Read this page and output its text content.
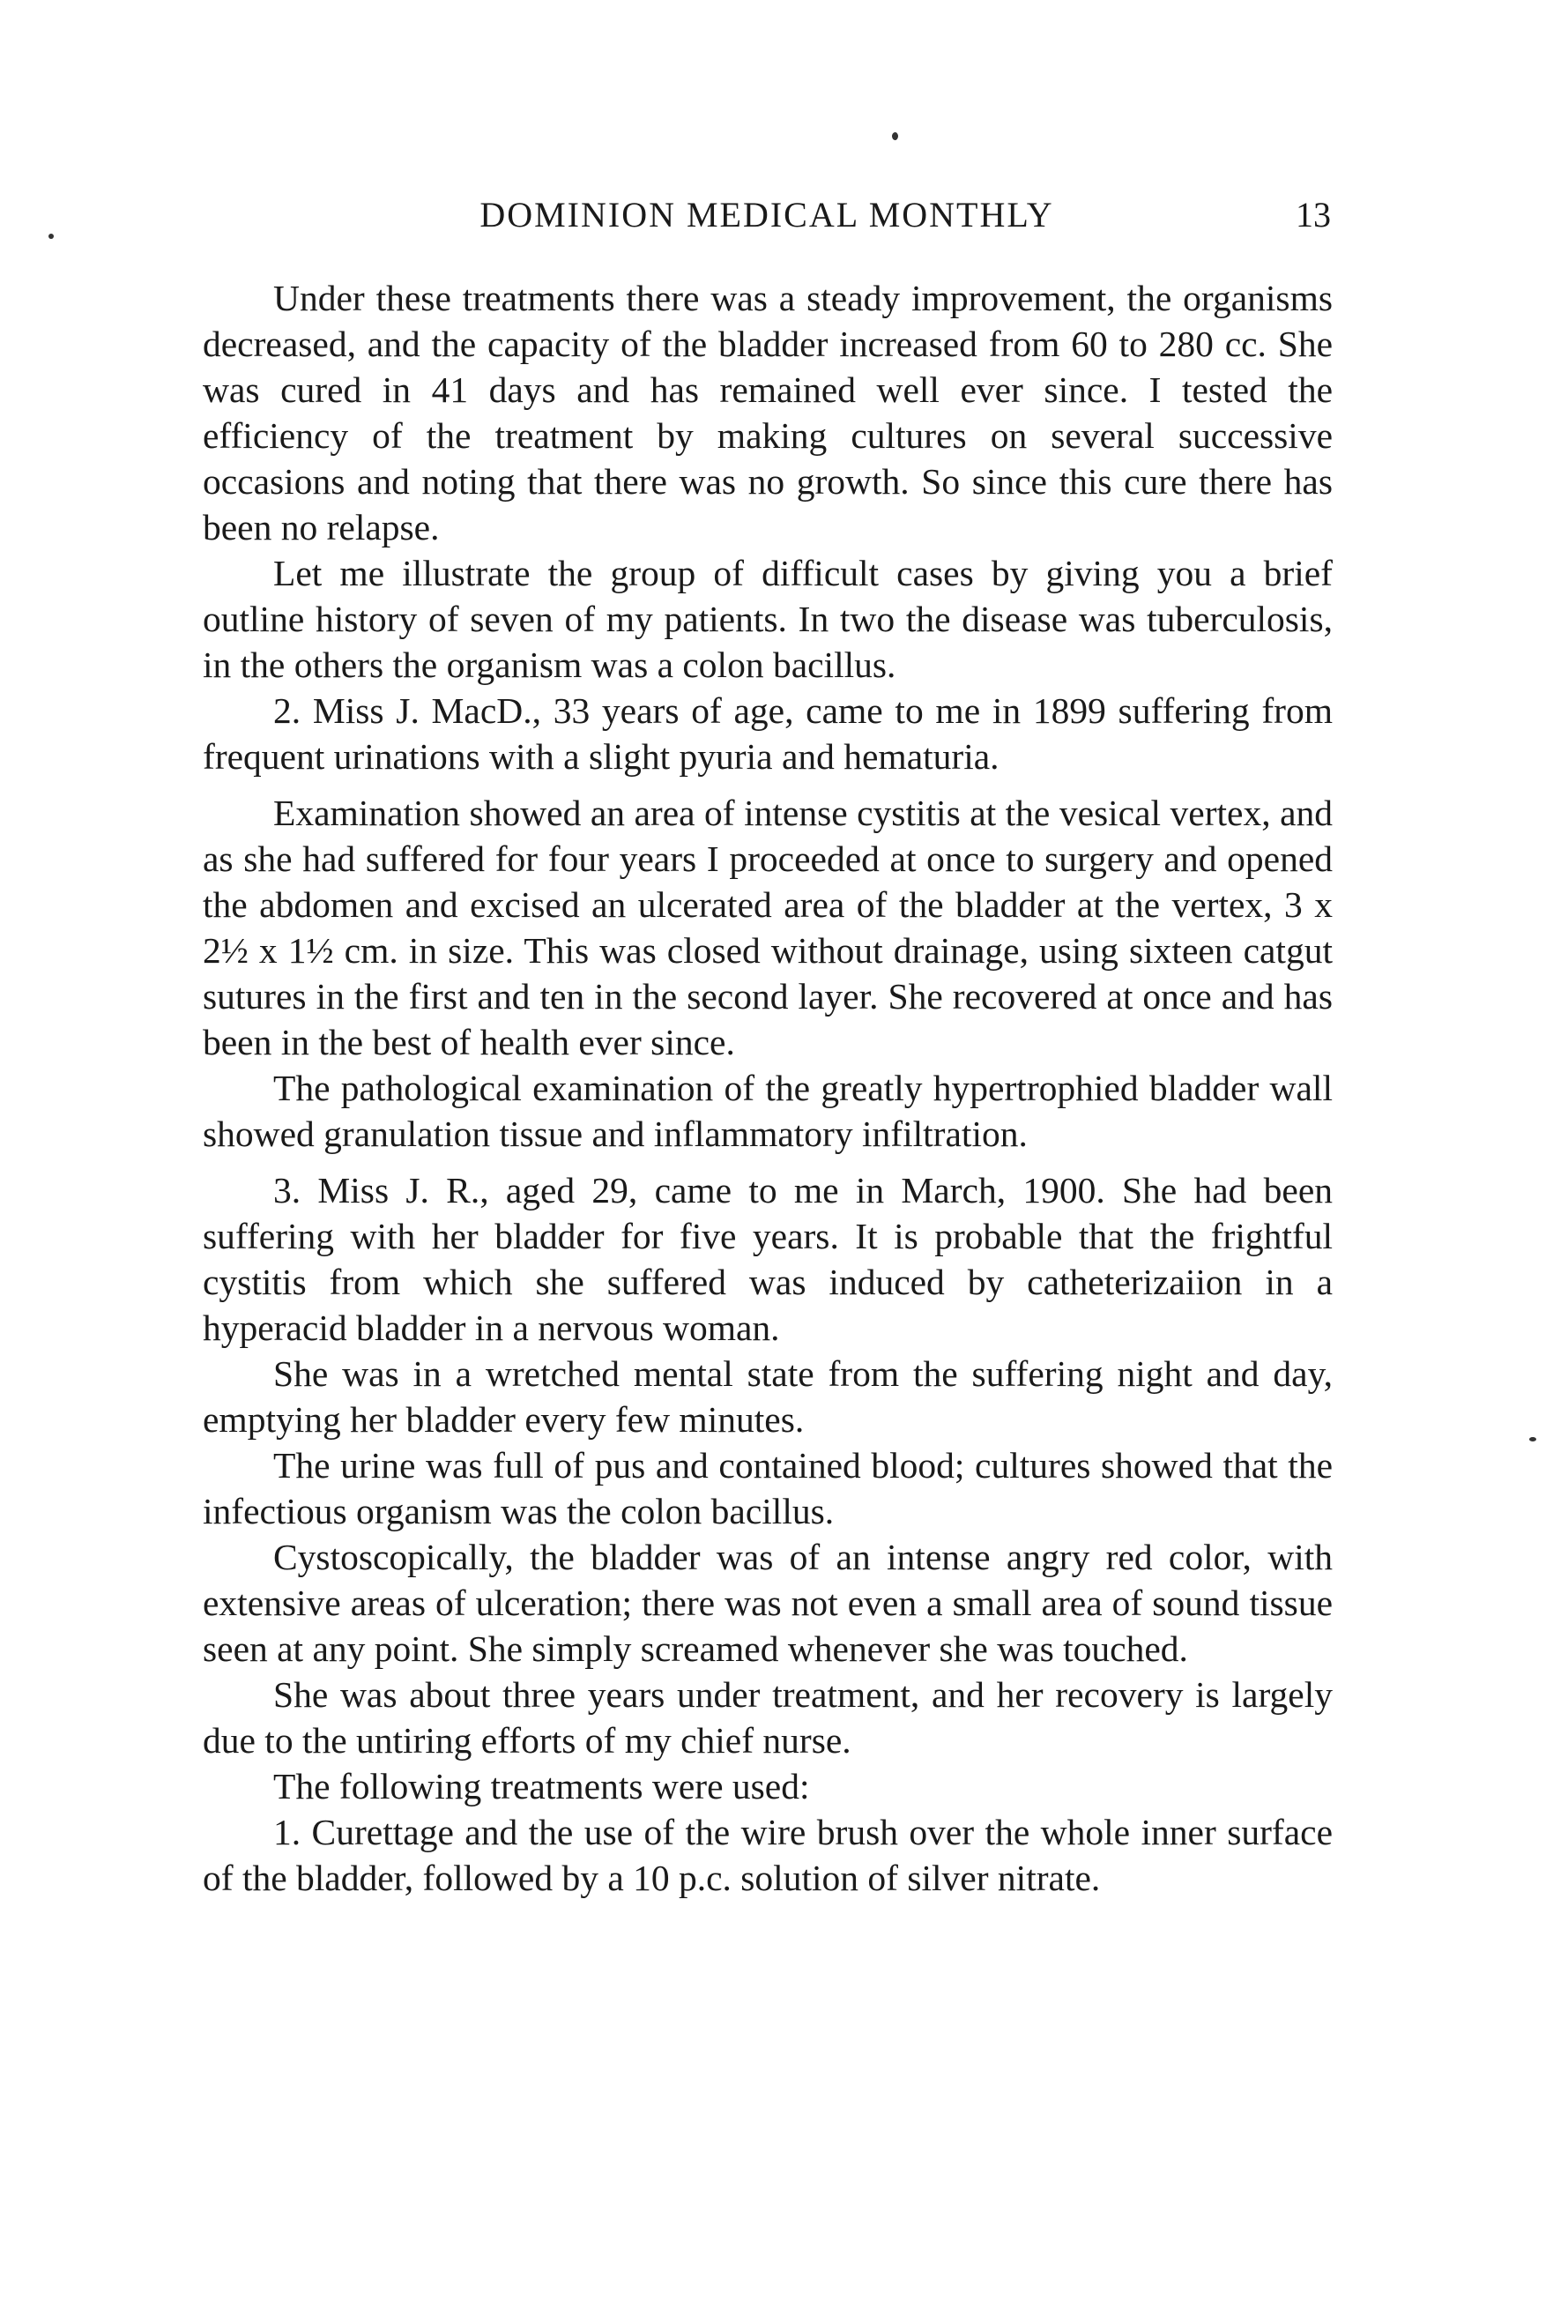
DOMINION MEDICAL MONTHLY	13

Under these treatments there was a steady improvement, the organisms decreased, and the capacity of the bladder increased from 60 to 280 cc. She was cured in 41 days and has remained well ever since. I tested the efficiency of the treatment by making cultures on several successive occasions and noting that there was no growth. So since this cure there has been no relapse.

Let me illustrate the group of difficult cases by giving you a brief outline history of seven of my patients. In two the disease was tuberculosis, in the others the organism was a colon bacillus.

2. Miss J. MacD., 33 years of age, came to me in 1899 suffering from frequent urinations with a slight pyuria and hematuria.

Examination showed an area of intense cystitis at the vesical vertex, and as she had suffered for four years I proceeded at once to surgery and opened the abdomen and excised an ulcerated area of the bladder at the vertex, 3 x 2½ x 1½ cm. in size. This was closed without drainage, using sixteen catgut sutures in the first and ten in the second layer. She recovered at once and has been in the best of health ever since.

The pathological examination of the greatly hypertrophied bladder wall showed granulation tissue and inflammatory infiltration.

3. Miss J. R., aged 29, came to me in March, 1900. She had been suffering with her bladder for five years. It is probable that the frightful cystitis from which she suffered was induced by catheterizaiion in a hyperacid bladder in a nervous woman.

She was in a wretched mental state from the suffering night and day, emptying her bladder every few minutes.

The urine was full of pus and contained blood; cultures showed that the infectious organism was the colon bacillus.

Cystoscopically, the bladder was of an intense angry red color, with extensive areas of ulceration; there was not even a small area of sound tissue seen at any point. She simply screamed whenever she was touched.

She was about three years under treatment, and her recovery is largely due to the untiring efforts of my chief nurse.

The following treatments were used:

1. Curettage and the use of the wire brush over the whole inner surface of the bladder, followed by a 10 p.c. solution of silver nitrate.
